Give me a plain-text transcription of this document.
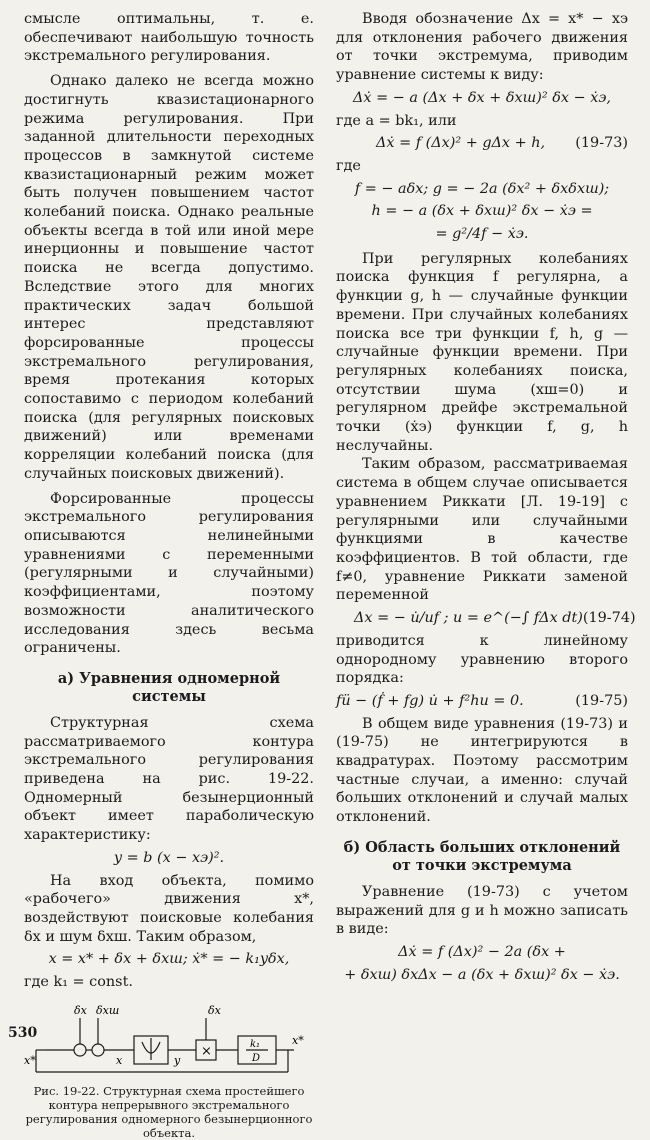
смысле оптимальны, т. е. обеспечивают наибольшую точность экстремального регулирования.

Однако далеко не всегда можно достигнуть квазистационарного режима регулирования. При заданной длительности переходных процессов в замкнутой системе квазистационарный режим может быть получен повышением частот колебаний поиска. Однако реальные объекты всегда в той или иной мере инерционны и повышение частот поиска не всегда допустимо. Вследствие этого для многих практических задач большой интерес представляют форсированные процессы экстремального регулирования, время протекания которых сопоставимо с периодом колебаний поиска (для регулярных поисковых движений) или временами корреляции колебаний поиска (для случайных поисковых движений).

Форсированные процессы экстремального регулирования описываются нелинейными уравнениями с переменными (регулярными и случайными) коэффициентами, поэтому возможности аналитического исследования здесь весьма ограничены.

а) Уравнения одномерной системы

Структурная схема рассматриваемого контура экстремального регулирования приведена на рис. 19-22. Одномерный безынерционный объект имеет параболическую характеристику:

y = b (x − xэ)².

На вход объекта, помимо «рабочего» движения x*, воздействуют поисковые колебания δx и шум δxш. Таким образом,

x = x* + δx + δxш; ẋ* = − k₁yδx,

где k₁ = const.

δx δxш	δx
x*	x	y
x*
×	k₁
D
Рис. 19-22. Структурная схема простейшего контура непрерывного экстремального регулирования одномерного безынерционного объекта.

Вводя обозначение Δx = x* − xэ для отклонения рабочего движения от точки экстремума, приводим уравнение системы к виду:

Δẋ = − a (Δx + δx + δxш)² δx − ẋэ,

где a = bk₁, или

Δẋ = f (Δx)² + gΔx + h, (19-73)

где

f = − aδx; g = − 2a (δx² + δxδxш);
h = − a (δx + δxш)² δx − ẋэ =
= g²/4f − ẋэ.

При регулярных колебаниях поиска функция f регулярна, а функции g, h — случайные функции времени. При случайных колебаниях поиска все три функции f, h, g — случайные функции времени. При регулярных колебаниях поиска, отсутствии шума (xш=0) и регулярном дрейфе экстремальной точки (ẋэ) функции f, g, h неслучайны.

Таким образом, рассматриваемая система в общем случае описывается уравнением Риккати [Л. 19-19] с регулярными или случайными функциями в качестве коэффициентов. В той области, где f≠0, уравнение Риккати заменой переменной

Δx = − u̇/uf ; u = e^(−∫ fΔx dt) (19-74)

приводится к линейному однородному уравнению второго порядка:

fü − (ḟ + fg) u̇ + f²hu = 0.	(19-75)

В общем виде уравнения (19-73) и (19-75) не интегрируются в квадратурах. Поэтому рассмотрим частные случаи, а именно: случай больших отклонений и случай малых отклонений.

б) Область больших отклонений от точки экстремума

Уравнение (19-73) с учетом выражений для g и h можно записать в виде:

Δẋ = f (Δx)² − 2a (δx +
+ δxш) δxΔx − a (δx + δxш)² δx − ẋэ.
530
